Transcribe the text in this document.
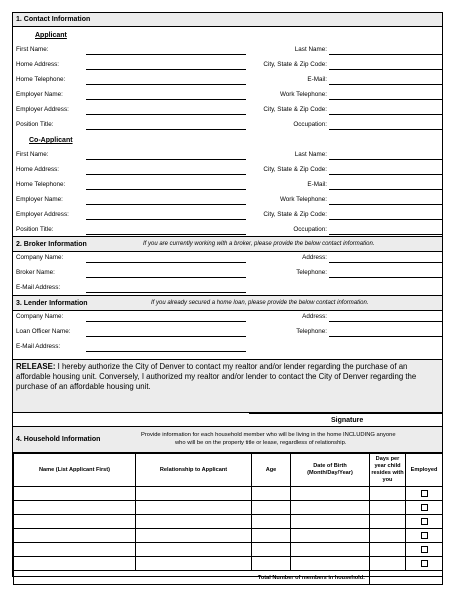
1. Contact Information
Applicant
First Name:	Last Name:
Home Address:	City, State & Zip Code:
Home Telephone:	E-Mail:
Employer Name:	Work Telephone:
Employer Address:	City, State & Zip Code:
Position Title:	Occupation:
Co-Applicant
First Name:	Last Name:
Home Address:	City, State & Zip Code:
Home Telephone:	E-Mail:
Employer Name:	Work Telephone:
Employer Address:	City, State & Zip Code:
Position Title:	Occupation:
2. Broker Information	If you are currently working with a broker, please provide the below contact information.
Company Name:	Address:
Broker Name:	Telephone:
E-Mail Address:
3. Lender Information	If you already secured a home loan, please provide the below contact information.
Company Name:	Address:
Loan Officer Name:	Telephone:
E-Mail Address:
RELEASE: I hereby authorize the City of Denver to contact my realtor and/or lender regarding the purchase of an affordable housing unit. Conversely, I authorized my realtor and/or lender to contact the City of Denver regarding the purchase of an affordable housing unit.
Signature
4. Household Information
Provide information for each household member who will be living in the home INCLUDING anyone
who will be on the property title or lease, regardless of relationship.
Name (List Applicant First)	Relationship to Applicant	Age	Date of Birth (Month/Day/Year)	Days per year child resides with you	Employed

Total Number of members in household:					
